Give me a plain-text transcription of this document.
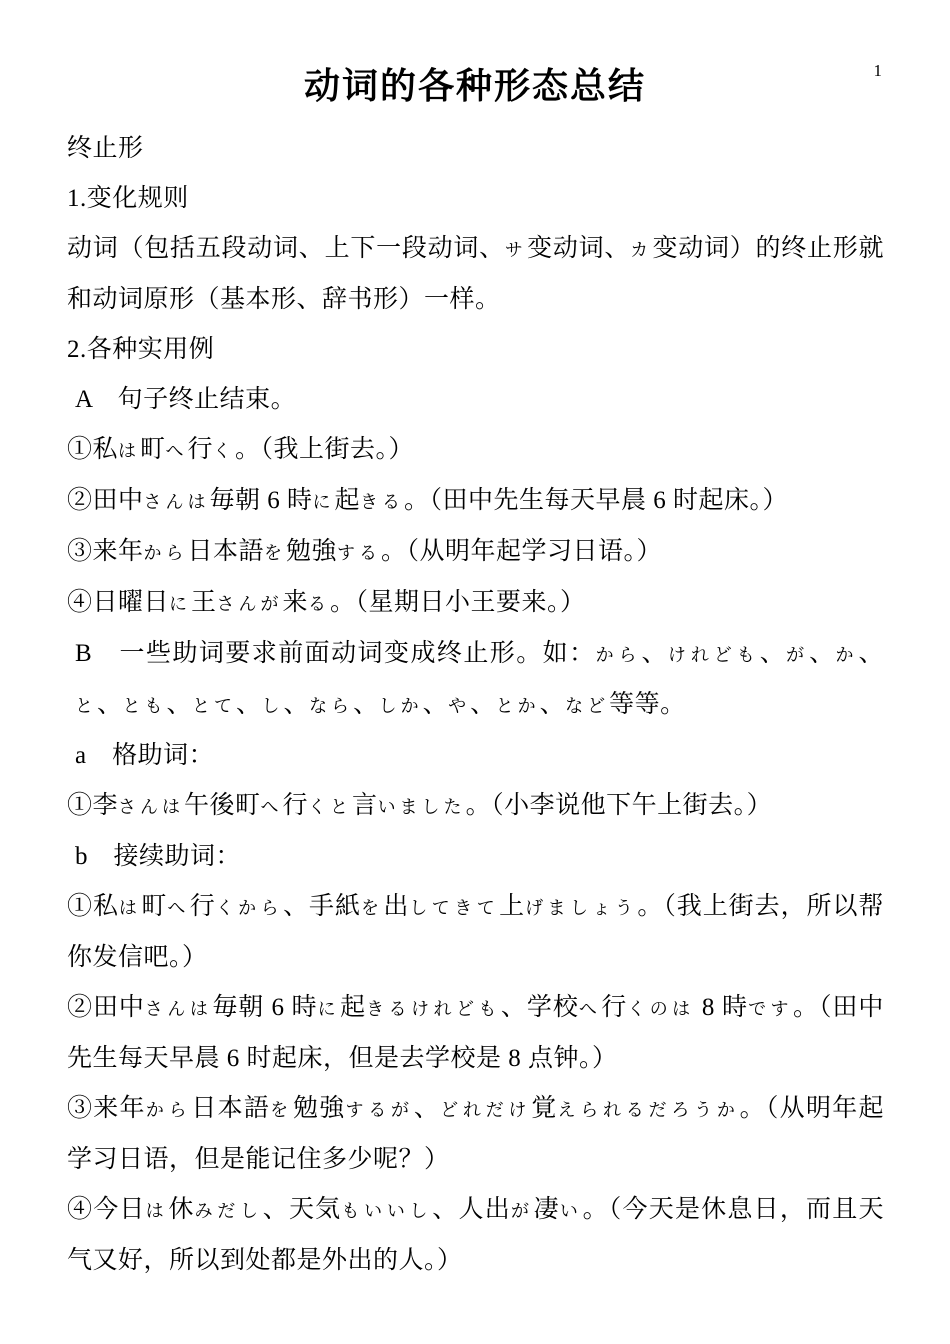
1
动词的各种形态总结

终止形

1.变化规则

动词（包括五段动词、上下一段动词、サ变动词、カ变动词）的终止形就和动词原形（基本形、辞书形）一样。

2.各种实用例

A　句子终止结束。

①私は町へ行く。（我上街去。）

②田中さんは毎朝 6 時に起きる。（田中先生每天早晨 6 时起床。）

③来年から日本語を勉強する。（从明年起学习日语。）

④日曜日に王さんが来る。（星期日小王要来。）

B　一些助词要求前面动词变成终止形。如：から、けれども、が、か、と、とも、とて、し、なら、しか、や、とか、など等等。

a　格助词：

①李さんは午後町へ行くと言いました。（小李说他下午上街去。）

b　接续助词：

①私は町へ行くから、手紙を出してきて上げましょう。（我上街去，所以帮你发信吧。）

②田中さんは毎朝 6 時に起きるけれども、学校へ行くのは 8 時です。（田中先生每天早晨 6 时起床，但是去学校是 8 点钟。）

③来年から日本語を勉強するが、どれだけ覚えられるだろうか。（从明年起学习日语，但是能记住多少呢？）

④今日は休みだし、天気もいいし、人出が凄い。（今天是休息日，而且天气又好，所以到处都是外出的人。）
